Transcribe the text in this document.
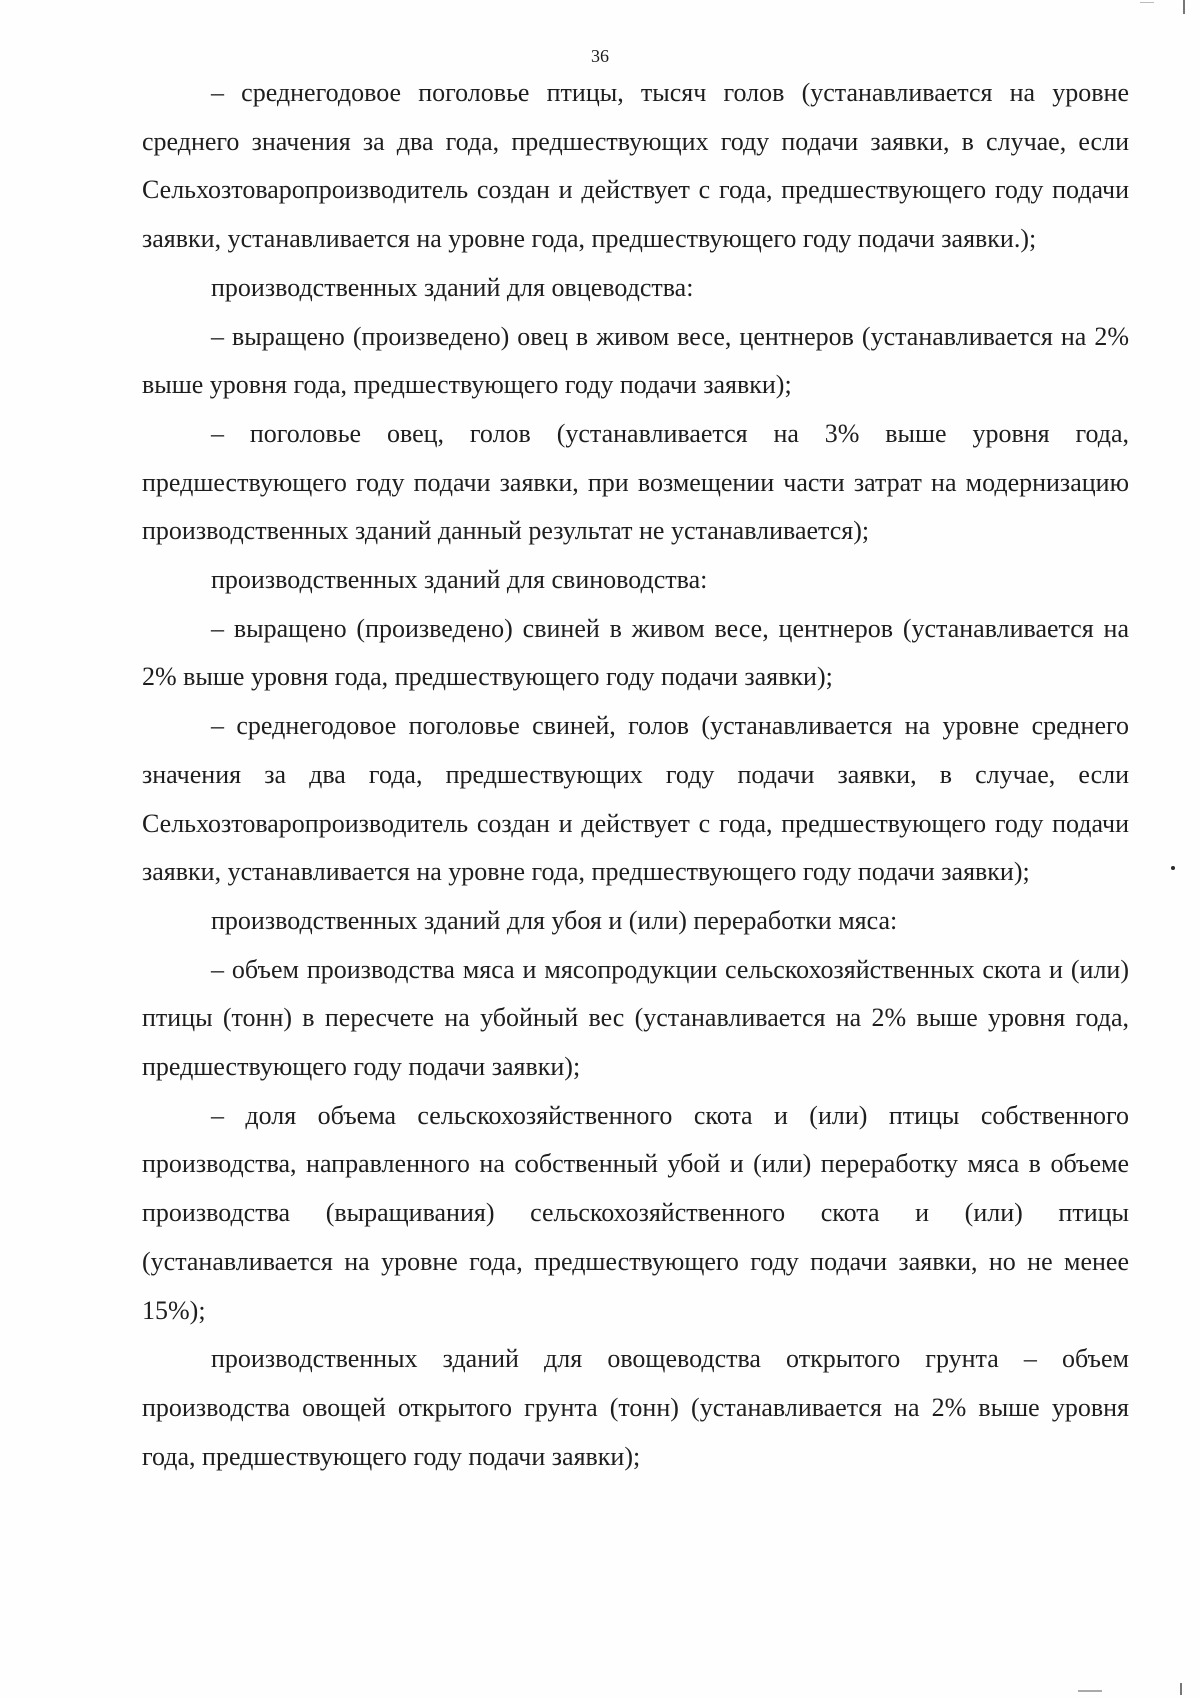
36

– среднегодовое поголовье птицы, тысяч голов (устанавливается на уровне среднего значения за два года, предшествующих году подачи заявки, в случае, если Сельхозтоваропроизводитель создан и действует с года, предшествующего году подачи заявки, устанавливается на уровне года, предшествующего году подачи заявки.);

производственных зданий для овцеводства:

– выращено (произведено) овец в живом весе, центнеров (устанавливается на 2% выше уровня года, предшествующего году подачи заявки);

– поголовье овец, голов (устанавливается на 3% выше уровня года, предшествующего году подачи заявки, при возмещении части затрат на модернизацию производственных зданий данный результат не устанавливается);

производственных зданий для свиноводства:

– выращено (произведено) свиней в живом весе, центнеров (устанавливается на 2% выше уровня года, предшествующего году подачи заявки);

– среднегодовое поголовье свиней, голов (устанавливается на уровне среднего значения за два года, предшествующих году подачи заявки, в случае, если Сельхозтоваропроизводитель создан и действует с года, предшествующего году подачи заявки, устанавливается на уровне года, предшествующего году подачи заявки);

производственных зданий для убоя и (или) переработки мяса:

– объем производства мяса и мясопродукции сельскохозяйственных скота и (или) птицы (тонн) в пересчете на убойный вес (устанавливается на 2% выше уровня года, предшествующего году подачи заявки);

– доля объема сельскохозяйственного скота и (или) птицы собственного производства, направленного на собственный убой и (или) переработку мяса в объеме производства (выращивания) сельскохозяйственного скота и (или) птицы (устанавливается на уровне года, предшествующего году подачи заявки, но не менее 15%);

производственных зданий для овощеводства открытого грунта – объем производства овощей открытого грунта (тонн) (устанавливается на 2% выше уровня года, предшествующего году подачи заявки);
